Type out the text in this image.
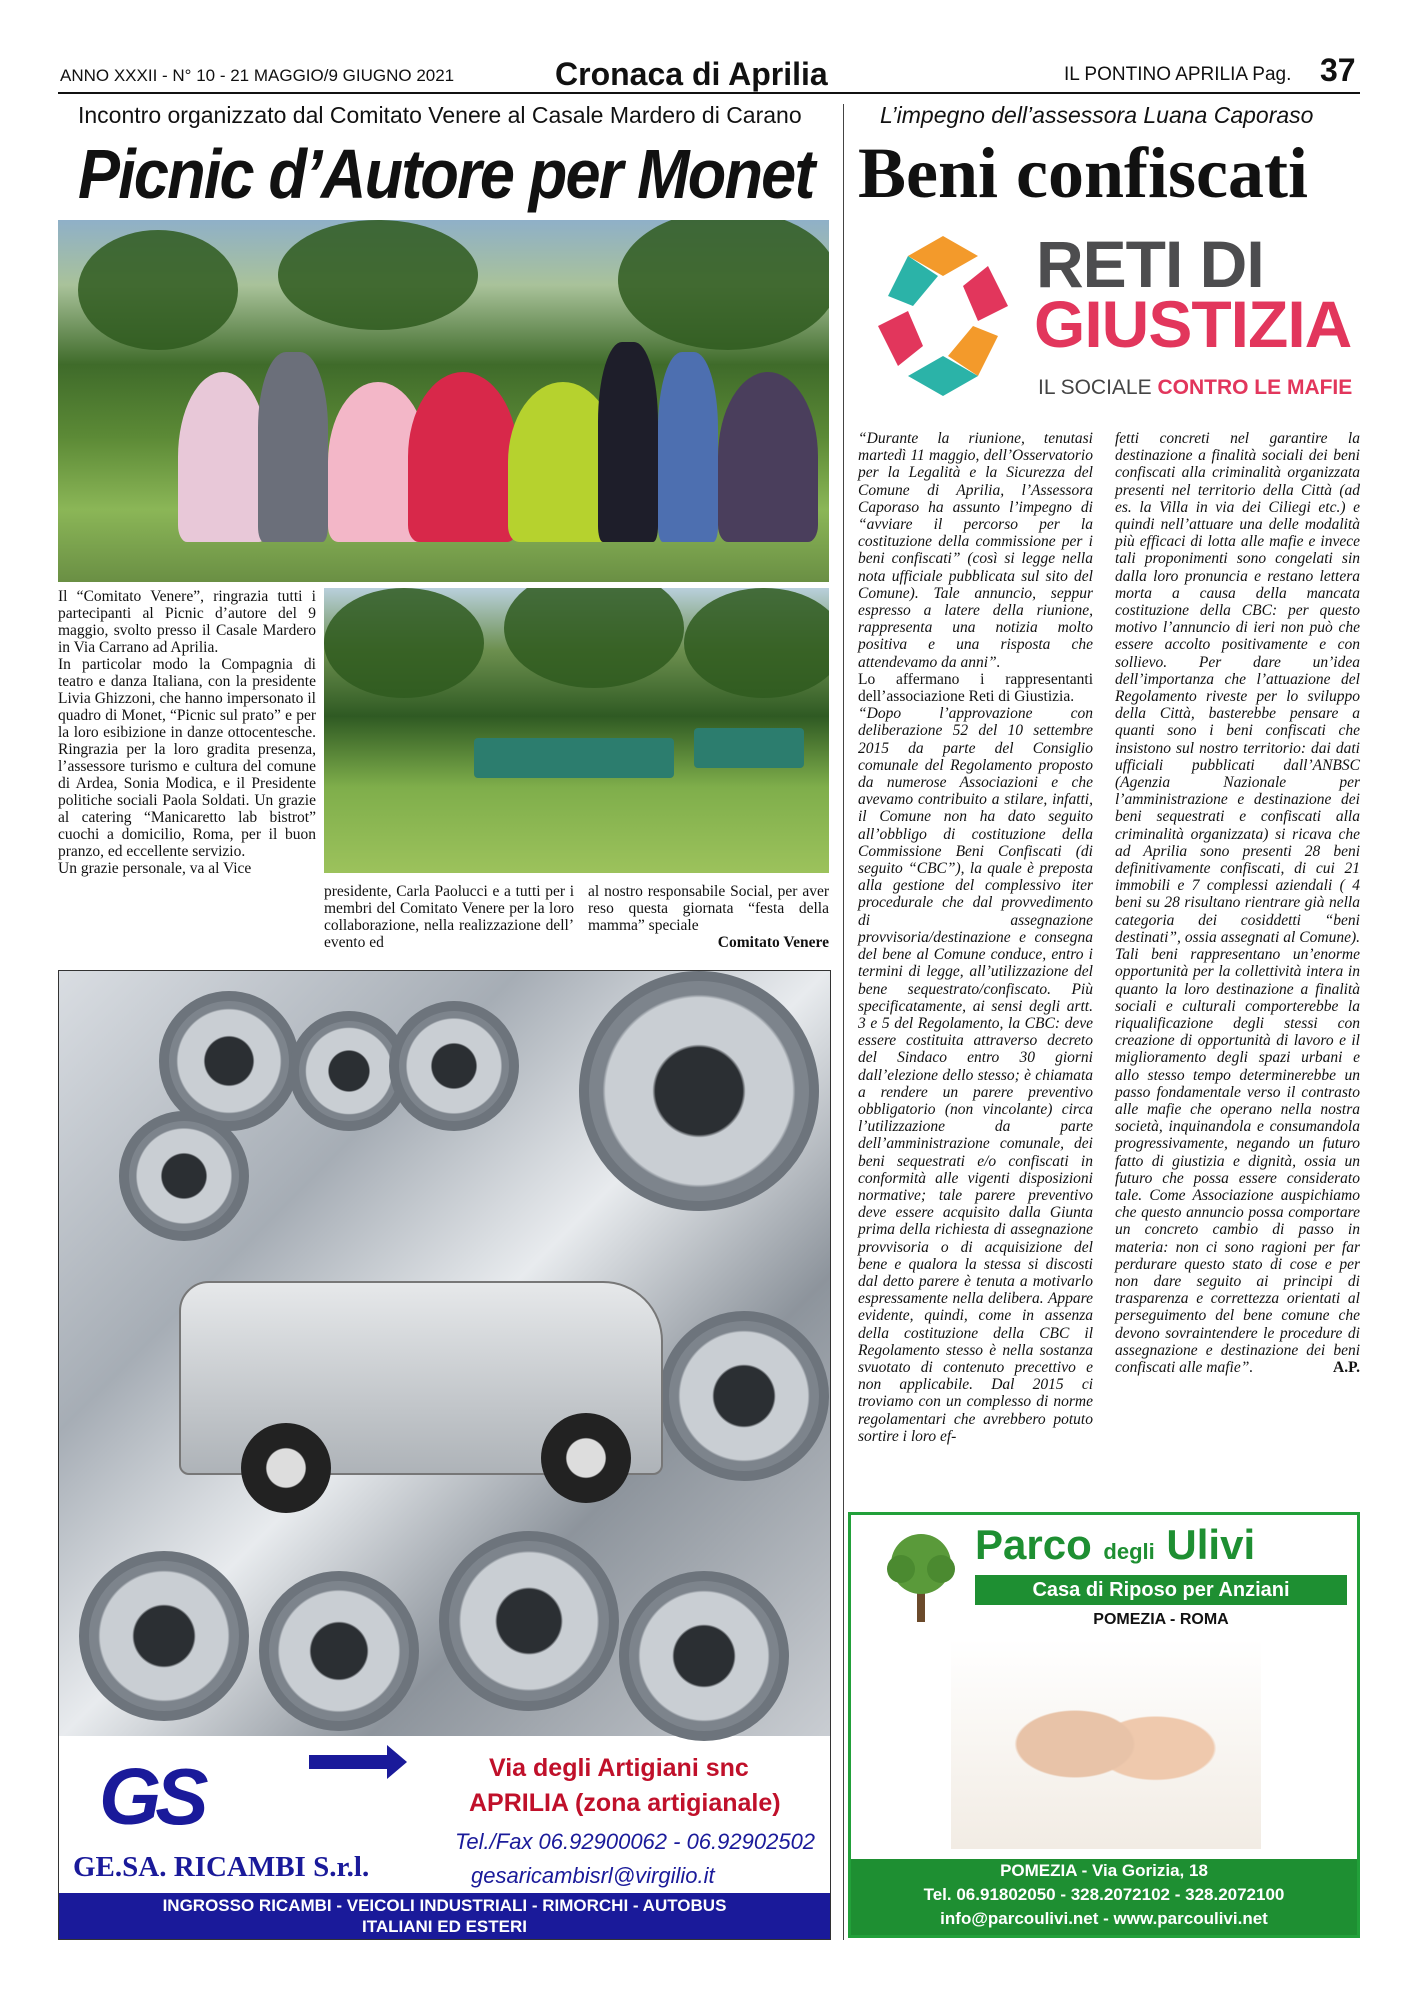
ANNO XXXII - N° 10 - 21 MAGGIO/9 GIUGNO 2021	Cronaca di Aprilia	IL PONTINO APRILIA Pag. 37
Incontro organizzato dal Comitato Venere al Casale Mardero di Carano
Picnic d’Autore per Monet

Il “Comitato Venere”, ringrazia tutti i partecipanti al Picnic d’autore del 9 maggio, svolto presso il Casale Mardero in Via Carrano ad Aprilia.

In particolar modo la Compagnia di teatro e danza Italiana, con la presidente Livia Ghizzoni, che hanno impersonato il quadro di Monet, “Picnic sul prato” e per la loro esibizione in danze ottocentesche. Ringrazia per la loro gradita presenza, l’assessore turismo e cultura del comune di Ardea, Sonia Modica, e il Presidente politiche sociali Paola Soldati. Un grazie al catering “Manicaretto lab bistrot” cuochi a domicilio, Roma, per il buon pranzo, ed eccellente servizio.

Un grazie personale, va al Vice

presidente, Carla Paolucci e a tutti per i membri del Comitato Venere per la loro collaborazione, nella realizzazione dell’ evento ed

al nostro responsabile Social, per aver reso questa giornata “festa della mamma” speciale

Comitato Venere

GS
GE.SA. RICAMBI S.r.l.
Via degli Artigiani snc
APRILIA (zona artigianale)
Tel./Fax 06.92900062 - 06.92902502
gesaricambisrl@virgilio.it
INGROSSO RICAMBI - VEICOLI INDUSTRIALI - RIMORCHI - AUTOBUS
ITALIANI ED ESTERI
L’impegno dell’assessora Luana Caporaso
Beni confiscati
RETI DI
GIUSTIZIA
IL SOCIALE CONTRO LE MAFIE

“Durante la riunione, tenutasi martedì 11 maggio, dell’Osservatorio per la Legalità e la Sicurezza del Comune di Aprilia, l’Assessora Caporaso ha assunto l’impegno di “avviare il percorso per la costituzione della commissione per i beni confiscati” (così si legge nella nota ufficiale pubblicata sul sito del Comune). Tale annuncio, seppur espresso a latere della riunione, rappresenta una notizia molto positiva e una risposta che attendevamo da anni”.

Lo affermano i rappresentanti dell’associazione Reti di Giustizia.

“Dopo l’approvazione con deliberazione 52 del 10 settembre 2015 da parte del Consiglio comunale del Regolamento proposto da numerose Associazioni e che avevamo contribuito a stilare, infatti, il Comune non ha dato seguito all’obbligo di costituzione della Commissione Beni Confiscati (di seguito “CBC”), la quale è preposta alla gestione del complessivo iter procedurale che dal provvedimento di assegnazione provvisoria/destinazione e consegna del bene al Comune conduce, entro i termini di legge, all’utilizzazione del bene sequestrato/confiscato. Più specificatamente, ai sensi degli artt. 3 e 5 del Regolamento, la CBC: deve essere costituita attraverso decreto del Sindaco entro 30 giorni dall’elezione dello stesso; è chiamata a rendere un parere preventivo obbligatorio (non vincolante) circa l’utilizzazione da parte dell’amministrazione comunale, dei beni sequestrati e/o confiscati in conformità alle vigenti disposizioni normative; tale parere preventivo deve essere acquisito dalla Giunta prima della richiesta di assegnazione provvisoria o di acquisizione del bene e qualora la stessa si discosti dal detto parere è tenuta a motivarlo espressamente nella delibera. Appare evidente, quindi, come in assenza della costituzione della CBC il Regolamento stesso è nella sostanza svuotato di contenuto precettivo e non applicabile. Dal 2015 ci troviamo con un complesso di norme regolamentari che avrebbero potuto sortire i loro ef-

fetti concreti nel garantire la destinazione a finalità sociali dei beni confiscati alla criminalità organizzata presenti nel territorio della Città (ad es. la Villa in via dei Ciliegi etc.) e quindi nell’attuare una delle modalità più efficaci di lotta alle mafie e invece tali proponimenti sono congelati sin dalla loro pronuncia e restano lettera morta a causa della mancata costituzione della CBC: per questo motivo l’annuncio di ieri non può che essere accolto positivamente e con sollievo. Per dare un’idea dell’importanza che l’attuazione del Regolamento riveste per lo sviluppo della Città, basterebbe pensare a quanti sono i beni confiscati che insistono sul nostro territorio: dai dati ufficiali pubblicati dall’ANBSC (Agenzia Nazionale per l’amministrazione e destinazione dei beni sequestrati e confiscati alla criminalità organizzata) si ricava che ad Aprilia sono presenti 28 beni definitivamente confiscati, di cui 21 immobili e 7 complessi aziendali ( 4 beni su 28 risultano rientrare già nella categoria dei cosiddetti “beni destinati”, ossia assegnati al Comune). Tali beni rappresentano un’enorme opportunità per la collettività intera in quanto la loro destinazione a finalità sociali e culturali comporterebbe la riqualificazione degli stessi con creazione di opportunità di lavoro e il miglioramento degli spazi urbani e allo stesso tempo determinerebbe un passo fondamentale verso il contrasto alle mafie che operano nella nostra società, inquinandola e consumandola progressivamente, negando un futuro fatto di giustizia e dignità, ossia un futuro che possa essere considerato tale. Come Associazione auspichiamo che questo annuncio possa comportare un concreto cambio di passo in materia: non ci sono ragioni per far perdurare questo stato di cose e per non dare seguito ai principi di trasparenza e correttezza orientati al perseguimento del bene comune che devono sovraintendere le procedure di assegnazione e destinazione dei beni confiscati alle mafie”.	A.P.

Parco degli Ulivi
Casa di Riposo per Anziani
POMEZIA - ROMA
POMEZIA - Via Gorizia, 18
Tel. 06.91802050 - 328.2072102 - 328.2072100
info@parcoulivi.net - www.parcoulivi.net
